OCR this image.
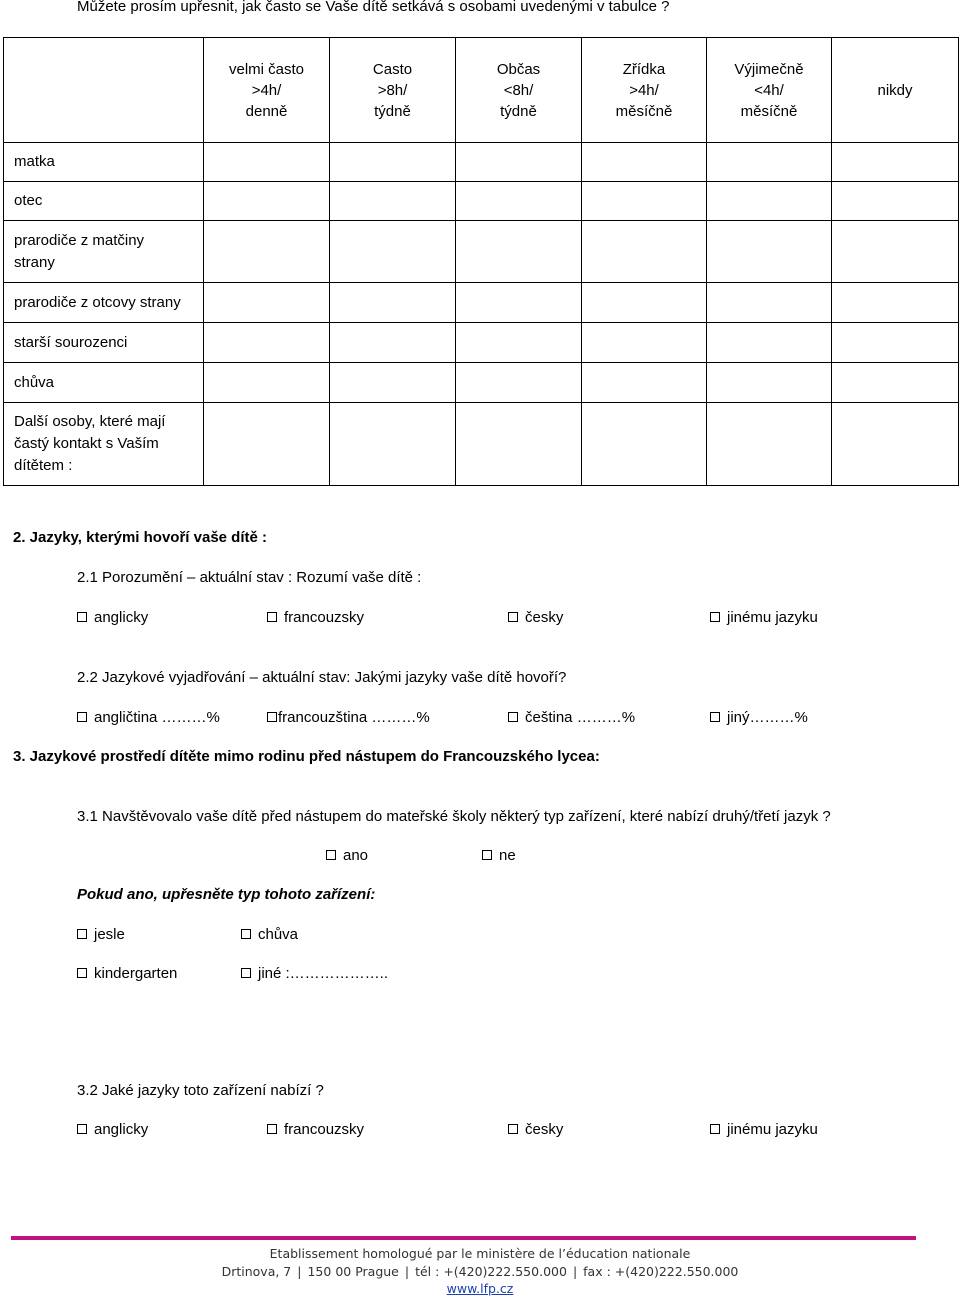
Můžete prosím upřesnit, jak často se Vaše dítě setkává s osobami uvedenými v tabulce ?
	velmi často
>4h/
denně	Casto
>8h/
týdně	Občas
<8h/
týdně	Zřídka
>4h/
měsíčně	Výjimečně
<4h/
měsíčně	nikdy
matka						
otec						
prarodiče z matčiny
strany						
prarodiče z otcovy strany						
starší sourozenci						
chůva						
Další osoby, které mají
častý kontakt s Vaším
dítětem :						
2. Jazyky, kterými hovoří vaše dítě :
2.1 Porozumění – aktuální stav : Rozumí vaše dítě :
anglicky	francouzsky	česky	jinému jazyku
2.2 Jazykové vyjadřování – aktuální stav: Jakými jazyky vaše dítě hovoří?
angličtina ………%	francouzština ………%	čeština ………%	jiný………%
3. Jazykové prostředí dítěte mimo rodinu před nástupem do Francouzského lycea:
3.1 Navštěvovalo vaše dítě před nástupem do mateřské školy některý typ zařízení, které nabízí druhý/třetí jazyk ?
ano	ne
Pokud ano, upřesněte typ tohoto zařízení:
jesle	chůva
kindergarten	jiné :………………..
3.2 Jaké jazyky toto zařízení nabízí ?
anglicky	francouzsky	česky	jinému jazyku
Etablissement homologué par le ministère de l’éducation nationale
Drtinova, 7 | 150 00 Prague | tél : +(420)222.550.000 | fax : +(420)222.550.000
www.lfp.cz
